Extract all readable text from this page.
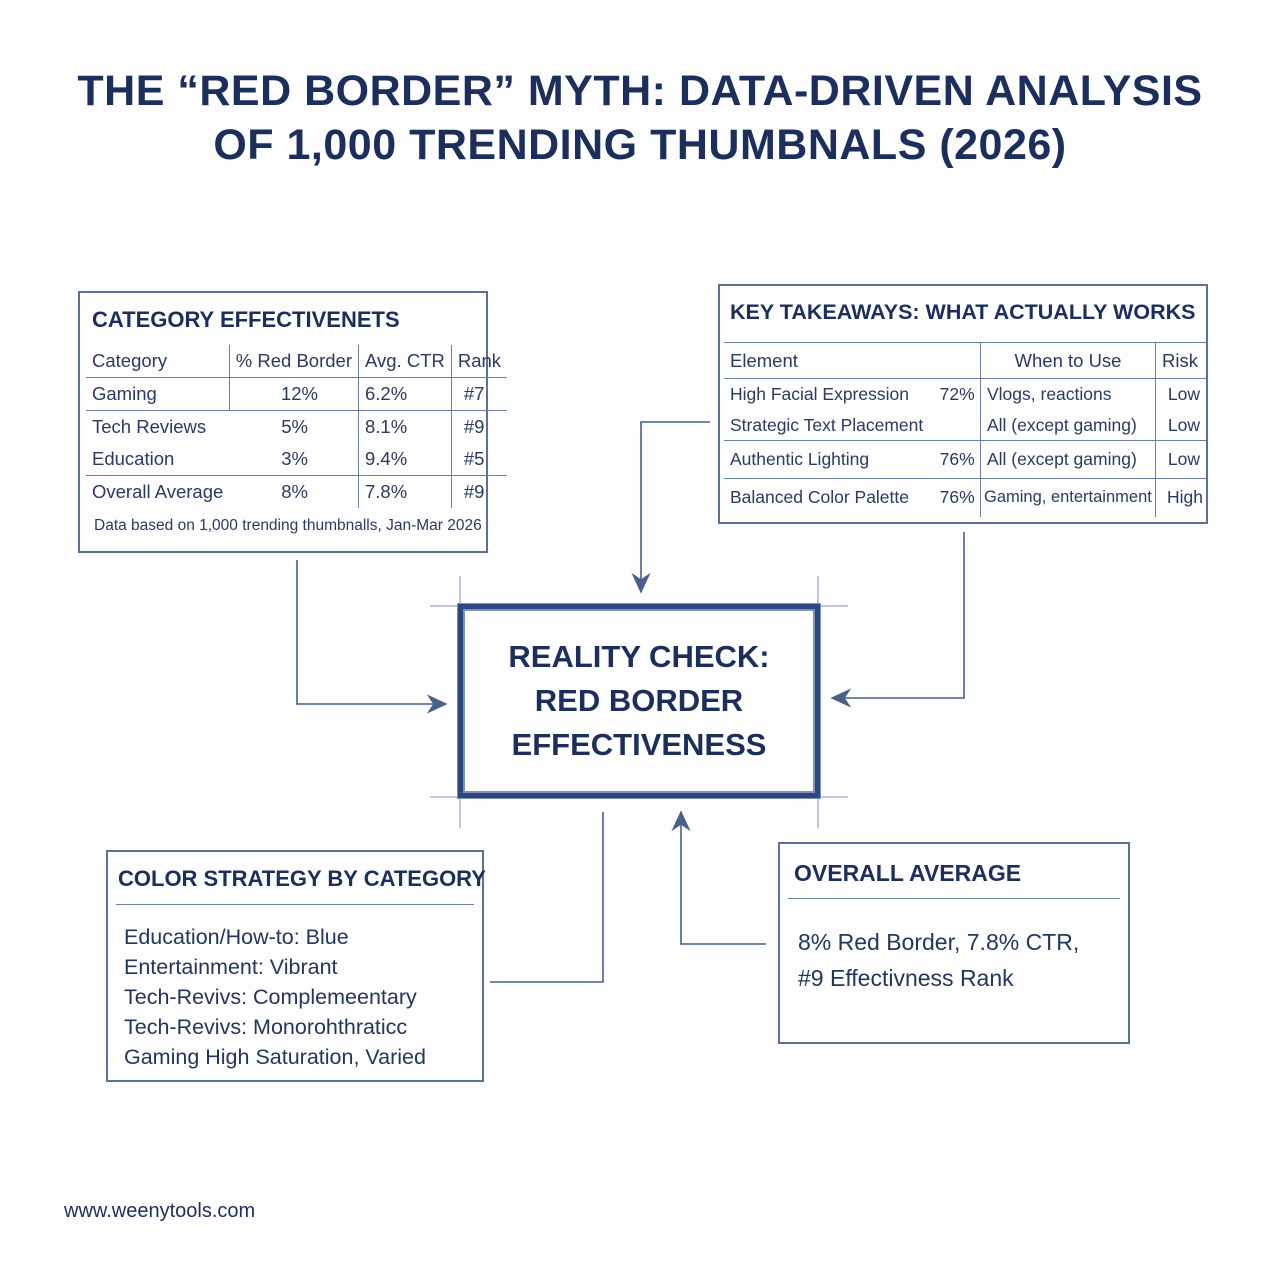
THE “RED BORDER” MYTH: DATA-DRIVEN ANALYSIS
OF 1,000 TRENDING THUMBNALS (2026)
CATEGORY EFFECTIVENETS
Category	% Red Border	Avg. CTR	Rank
Gaming	12%	6.2%	#7
Tech Reviews	5%	8.1%	#9
Education	3%	9.4%	#5
Overall Average	8%	7.8%	#9
Data based on 1,000 trending thumbnalls, Jan-Mar 2026
KEY TAKEAWAYS: WHAT ACTUALLY WORKS
Element		When to Use	Risk
High Facial Expression	72%	Vlogs, reactions	Low
Strategic Text Placement		All (except gaming)	Low
Authentic Lighting	76%	All (except gaming)	Low
Balanced Color Palette	76%	Gaming, entertainment	High
REALITY CHECK:
RED BORDER
EFFECTIVENESS
COLOR STRATEGY BY CATEGORY
Education/How-to: Blue
Entertainment: Vibrant
Tech-Revivs: Complemeentary
Tech-Revivs: Monorohthraticc
Gaming High Saturation, Varied
OVERALL AVERAGE
8% Red Border, 7.8% CTR,
#9 Effectivness Rank
www.weenytools.com
